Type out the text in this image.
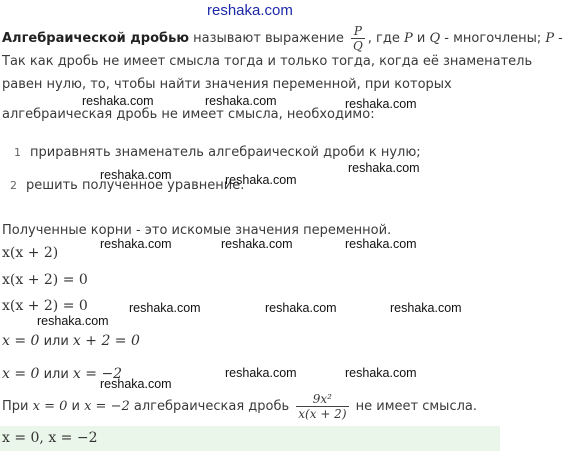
reshaka.com
Алгебраической дробью называют выражение $\frac{P}{Q}$ , где P и Q - многочлены; P -
Так как дробь не имеет смысла тогда и только тогда, когда её знаменатель
равен нулю, то, чтобы найти значения переменной, при которых
алгебраическая дробь не имеет смысла, необходимо:
reshaka.com	reshaka.com	reshaka.com
1 приравнять знаменатель алгебраической дроби к нулю;
reshaka.com
reshaka.com
2 решить полученное уравнение.
reshaka.com
Полученные корни - это искомые значения переменной.
x(x + 2)
reshaka.com	reshaka.com	reshaka.com
x(x + 2) = 0
x(x + 2) = 0	reshaka.com	reshaka.com	reshaka.com
reshaka.com
x = 0 или x + 2 = 0
x = 0 или x = −2	reshaka.com	reshaka.com
reshaka.com
При x = 0 и x = −2 алгебраическая дробь $\frac{\text{9x²}}{x(x + 2)}$ не имеет смысла.
x = 0, x = −2
